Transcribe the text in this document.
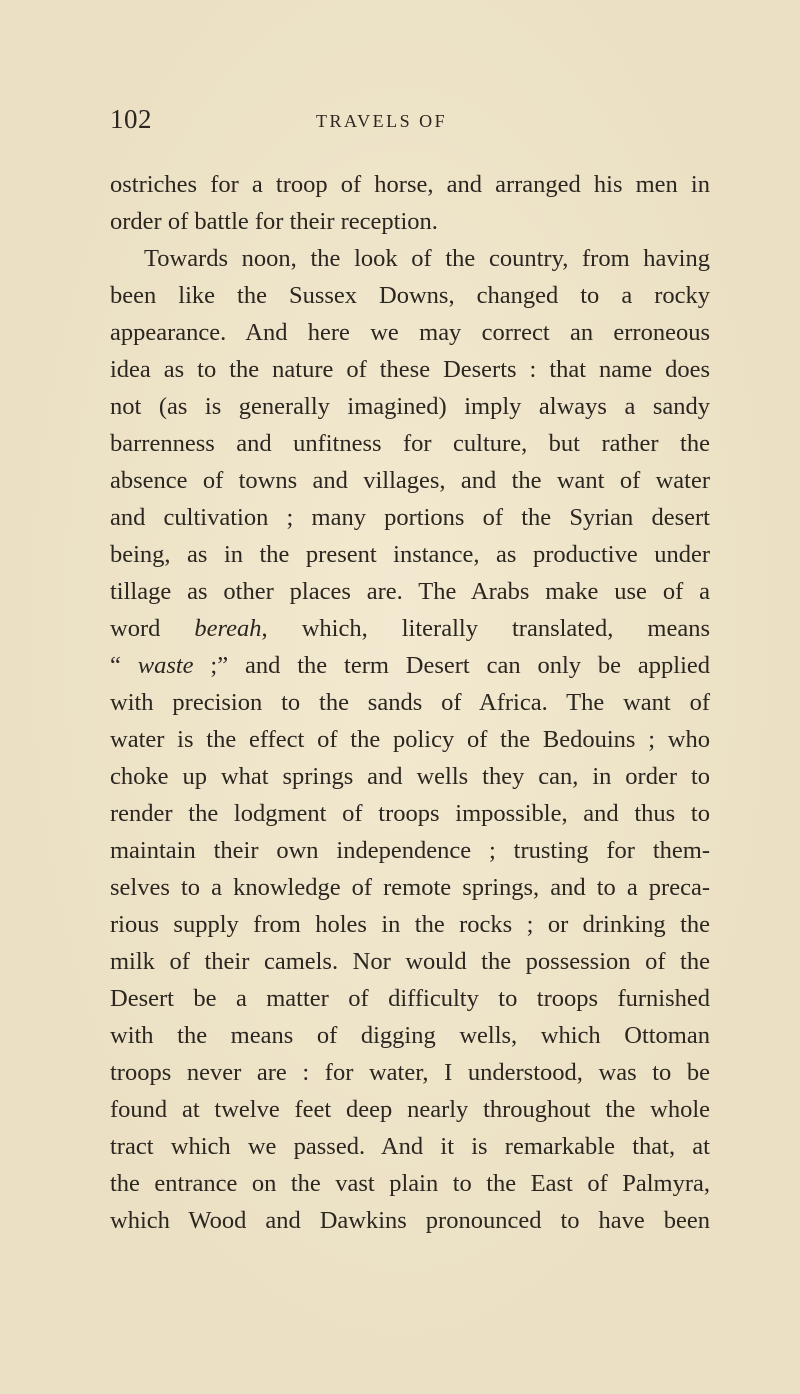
102	TRAVELS OF
ostriches for a troop of horse, and arranged his men in
order of battle for their reception.
Towards noon, the look of the country, from having
been like the Sussex Downs, changed to a rocky
appearance. And here we may correct an erroneous
idea as to the nature of these Deserts : that name does
not (as is generally imagined) imply always a sandy
barrenness and unfitness for culture, but rather the
absence of towns and villages, and the want of water
and cultivation ; many portions of the Syrian desert
being, as in the present instance, as productive under
tillage as other places are. The Arabs make use of a
word bereah, which, literally translated, means
“ waste ;” and the term Desert can only be applied
with precision to the sands of Africa. The want of
water is the effect of the policy of the Bedouins ; who
choke up what springs and wells they can, in order to
render the lodgment of troops impossible, and thus to
maintain their own independence ; trusting for them-
selves to a knowledge of remote springs, and to a preca-
rious supply from holes in the rocks ; or drinking the
milk of their camels. Nor would the possession of the
Desert be a matter of difficulty to troops furnished
with the means of digging wells, which Ottoman
troops never are : for water, I understood, was to be
found at twelve feet deep nearly throughout the whole
tract which we passed. And it is remarkable that, at
the entrance on the vast plain to the East of Palmyra,
which Wood and Dawkins pronounced to have been
